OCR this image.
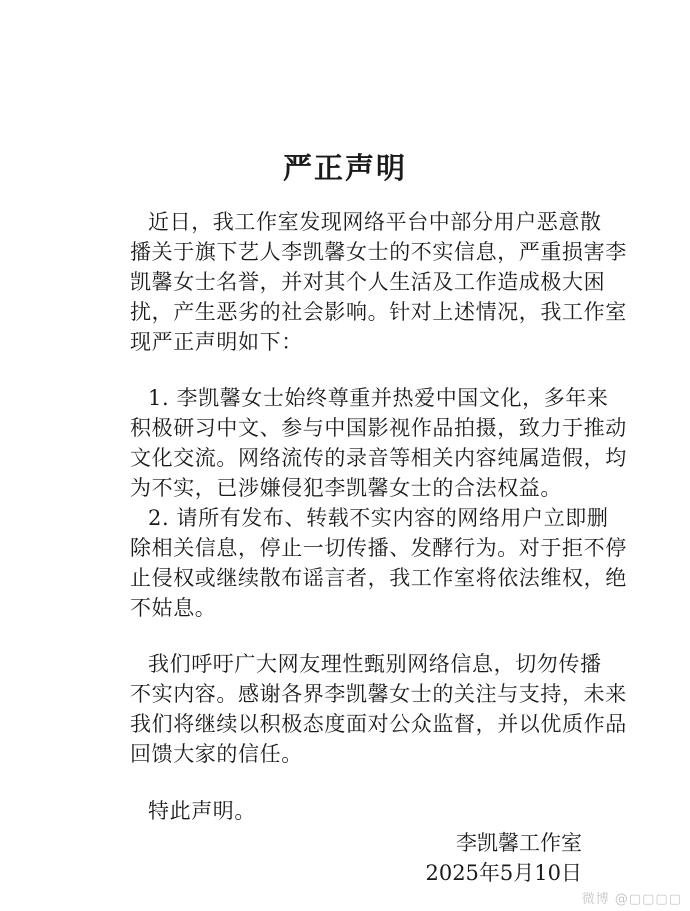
严正声明
近日，我工作室发现网络平台中部分用户恶意散
播关于旗下艺人李凯馨女士的不实信息，严重损害李
凯馨女士名誉，并对其个人生活及工作造成极大困
扰，产生恶劣的社会影响。针对上述情况，我工作室
现严正声明如下：
1. 李凯馨女士始终尊重并热爱中国文化，多年来
积极研习中文、参与中国影视作品拍摄，致力于推动
文化交流。网络流传的录音等相关内容纯属造假，均
为不实，已涉嫌侵犯李凯馨女士的合法权益。
2. 请所有发布、转载不实内容的网络用户立即删
除相关信息，停止一切传播、发酵行为。对于拒不停
止侵权或继续散布谣言者，我工作室将依法维权，绝
不姑息。
我们呼吁广大网友理性甄别网络信息，切勿传播
不实内容。感谢各界李凯馨女士的关注与支持，未来
我们将继续以积极态度面对公众监督，并以优质作品
回馈大家的信任。
特此声明。
李凯馨工作室
2025年5月10日
微博 @▢▢▢▢
